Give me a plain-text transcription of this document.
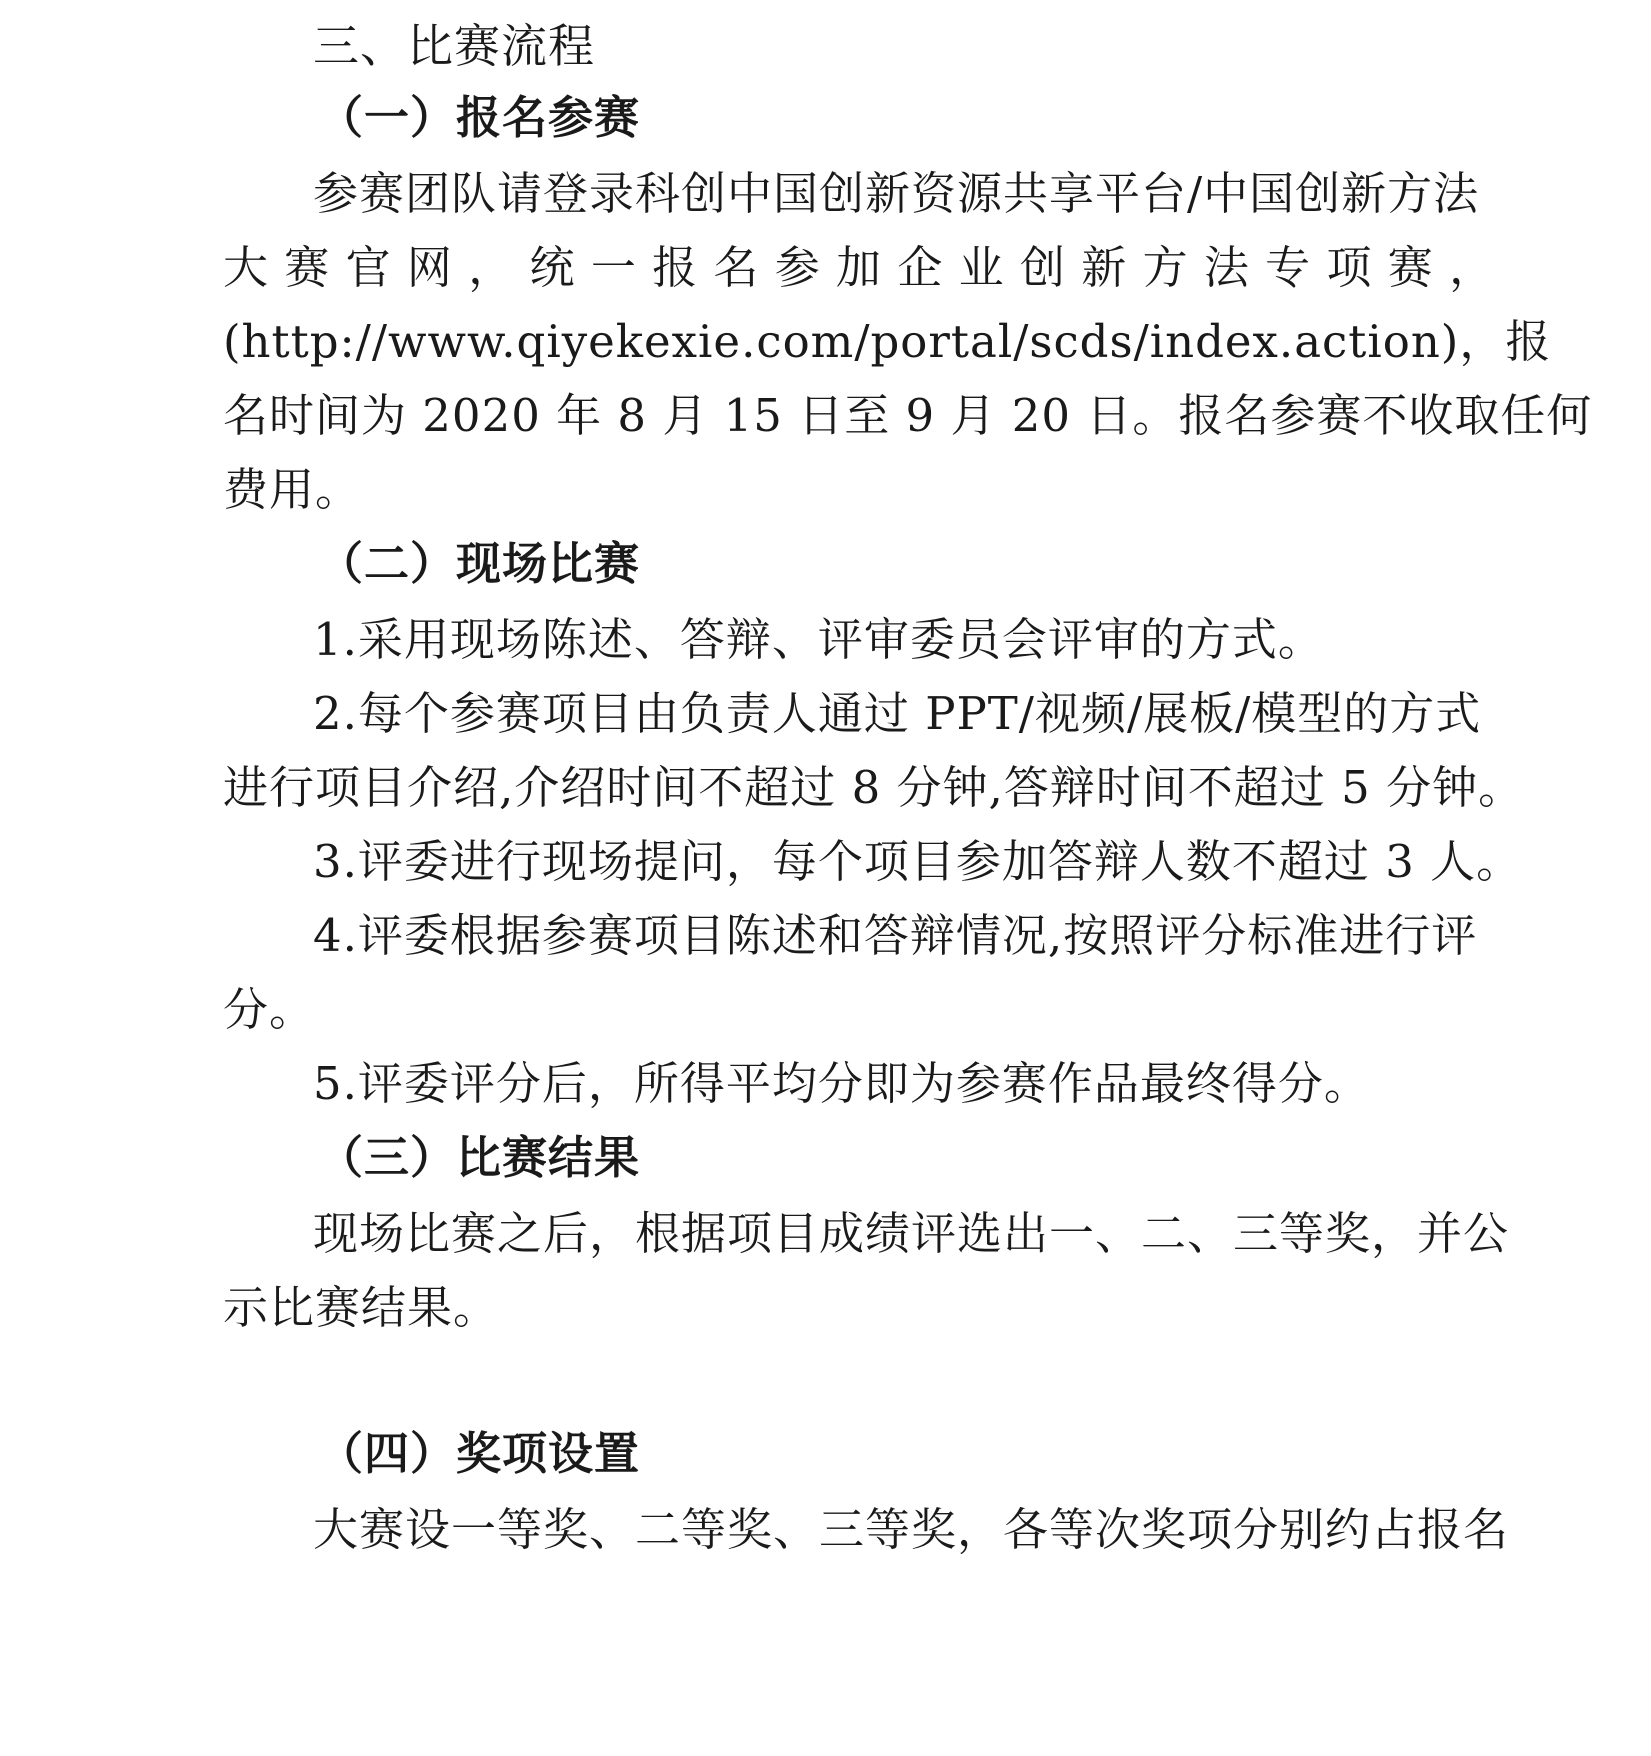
三、比赛流程
（一）报名参赛
参赛团队请登录科创中国创新资源共享平台/中国创新方法
大 赛 官 网 ， 统 一 报 名 参 加 企 业 创 新 方 法 专 项 赛 ，
(http://www.qiyekexie.com/portal/scds/index.action)，报
名时间为 2020 年 8 月 15 日至 9 月 20 日。报名参赛不收取任何
费用。
（二）现场比赛
1.采用现场陈述、答辩、评审委员会评审的方式。
2.每个参赛项目由负责人通过 PPT/视频/展板/模型的方式
进行项目介绍,介绍时间不超过 8 分钟,答辩时间不超过 5 分钟。
3.评委进行现场提问，每个项目参加答辩人数不超过 3 人。
4.评委根据参赛项目陈述和答辩情况,按照评分标准进行评
分。
5.评委评分后，所得平均分即为参赛作品最终得分。
（三）比赛结果
现场比赛之后，根据项目成绩评选出一、二、三等奖，并公
示比赛结果。
（四）奖项设置
大赛设一等奖、二等奖、三等奖，各等次奖项分别约占报名
